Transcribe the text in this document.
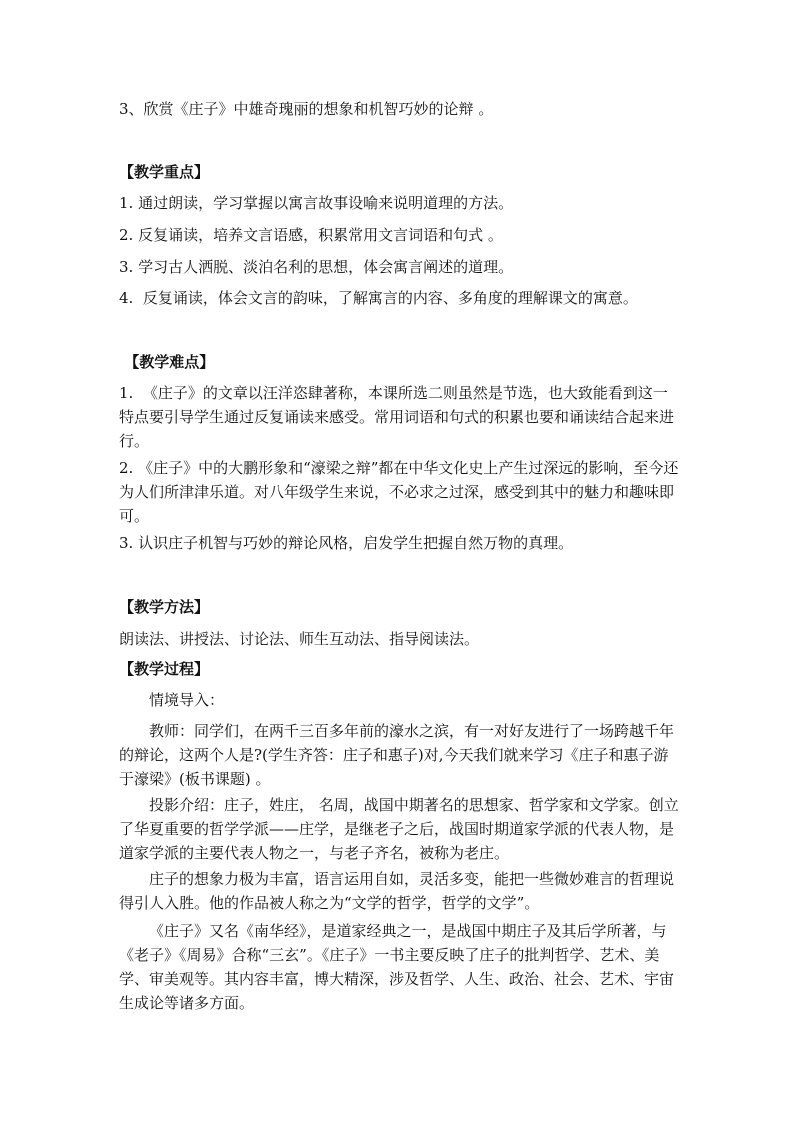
3、欣赏《庄子》中雄奇瑰丽的想象和机智巧妙的论辩 。

【教学重点】

1. 通过朗读，学习掌握以寓言故事设喻来说明道理的方法。

2. 反复诵读，培养文言语感，积累常用文言词语和句式 。

3. 学习古人洒脱、淡泊名利的思想，体会寓言阐述的道理。

4.  反复诵读，体会文言的韵味，了解寓言的内容、多角度的理解课文的寓意。

【教学难点】

1.  《庄子》的文章以汪洋恣肆著称，本课所选二则虽然是节选，也大致能看到这一特点要引导学生通过反复诵读来感受。常用词语和句式的积累也要和诵读结合起来进行。

2. 《庄子》中的大鹏形象和“濠梁之辩”都在中华文化史上产生过深远的影响，至今还为人们所津津乐道。对八年级学生来说，不必求之过深，感受到其中的魅力和趣味即可。

3. 认识庄子机智与巧妙的辩论风格，启发学生把握自然万物的真理。

【教学方法】

朗读法、讲授法、讨论法、师生互动法、指导阅读法。

【教学过程】

情境导入：

教师：同学们，在两千三百多年前的濠水之滨，有一对好友进行了一场跨越千年的辩论，这两个人是?(学生齐答：庄子和惠子)对,今天我们就来学习《庄子和惠子游于濠梁》(板书课题) 。

投影介绍：庄子，姓庄， 名周，战国中期著名的思想家、哲学家和文学家。创立了华夏重要的哲学学派——庄学，是继老子之后，战国时期道家学派的代表人物，是道家学派的主要代表人物之一，与老子齐名，被称为老庄。

庄子的想象力极为丰富，语言运用自如，灵活多变，能把一些微妙难言的哲理说得引人入胜。他的作品被人称之为“文学的哲学，哲学的文学”。

《庄子》又名《南华经》，是道家经典之一，是战国中期庄子及其后学所著，与《老子》《周易》合称“三玄”。《庄子》一书主要反映了庄子的批判哲学、艺术、美学、审美观等。其内容丰富，博大精深，涉及哲学、人生、政治、社会、艺术、宇宙生成论等诸多方面。
